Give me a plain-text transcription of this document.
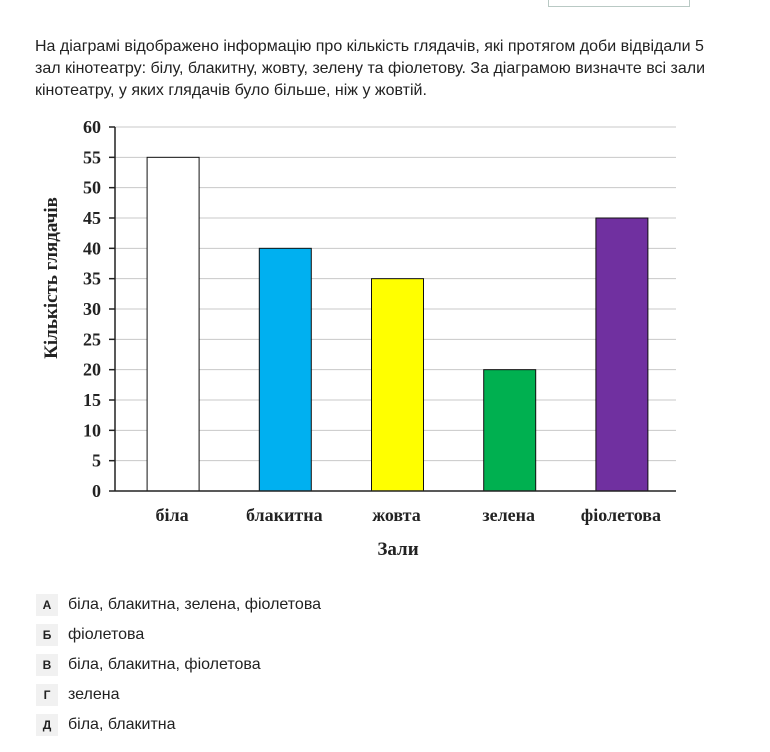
На діаграмі відображено інформацію про кількість глядачів, які протягом доби відвідали 5 зал кінотеатру: білу, блакитну, жовту, зелену та фіолетову. За діаграмою визначте всі зали кінотеатру, у яких глядачів було більше, ніж у жовтій.

0
5
10
15
20
25
30
35
40
45
50
55
60
біла	блакитна	жовта	зелена	фіолетова
Зали
Кількість глядачів
А	біла, блакитна, зелена, фіолетова
Б	фіолетова
В	біла, блакитна, фіолетова
Г	зелена
Д	біла, блакитна
